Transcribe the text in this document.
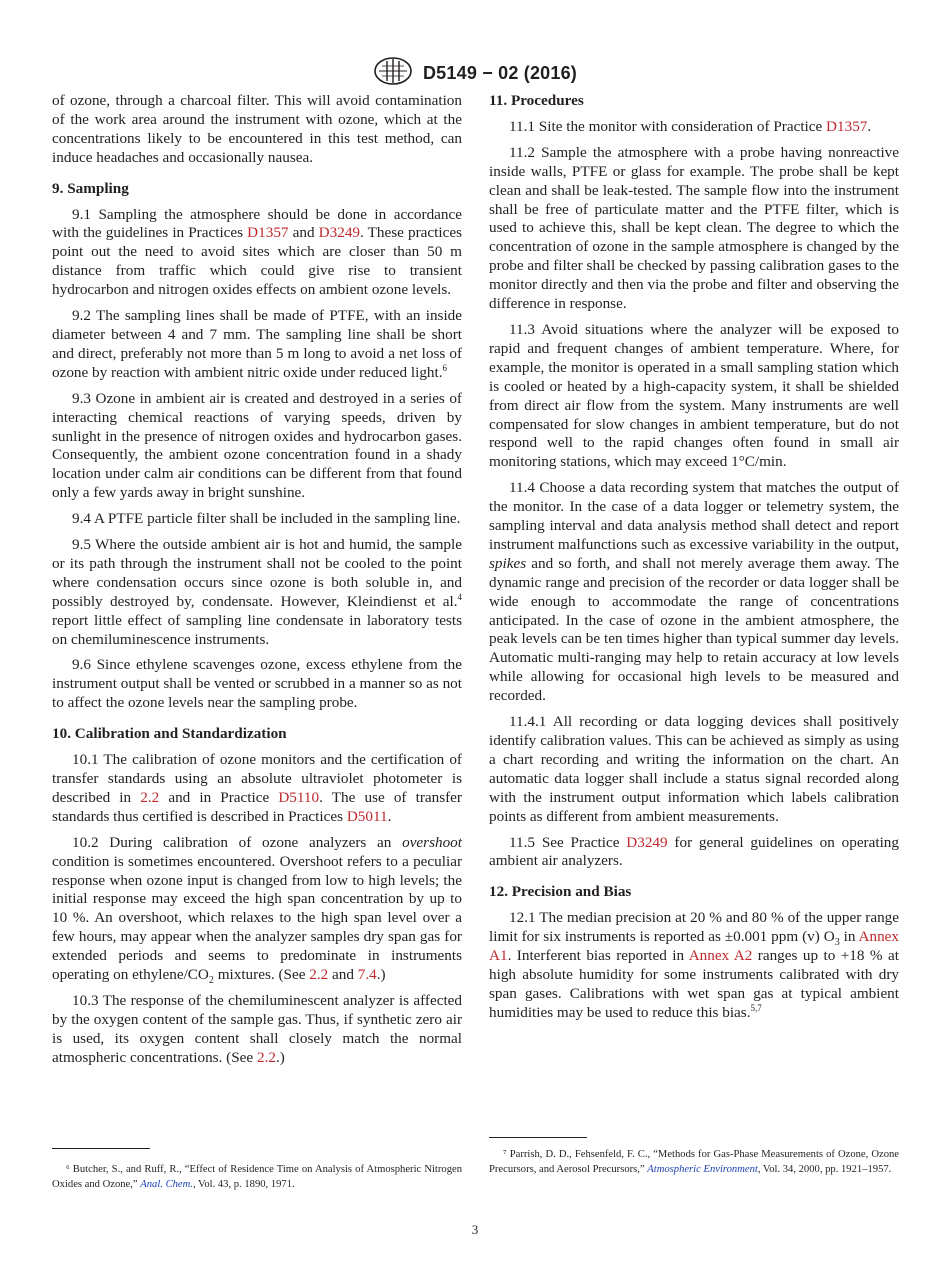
D5149 − 02 (2016)

of ozone, through a charcoal filter. This will avoid contamination of the work area around the instrument with ozone, which at the concentrations likely to be encountered in this test method, can induce headaches and occasionally nausea.

9. Sampling

9.1 Sampling the atmosphere should be done in accordance with the guidelines in Practices D1357 and D3249. These practices point out the need to avoid sites which are closer than 50 m distance from traffic which could give rise to transient hydrocarbon and nitrogen oxides effects on ambient ozone levels.

9.2 The sampling lines shall be made of PTFE, with an inside diameter between 4 and 7 mm. The sampling line shall be short and direct, preferably not more than 5 m long to avoid a net loss of ozone by reaction with ambient nitric oxide under reduced light.$^6$

9.3 Ozone in ambient air is created and destroyed in a series of interacting chemical reactions of varying speeds, driven by sunlight in the presence of nitrogen oxides and hydrocarbon gases. Consequently, the ambient ozone concentration found in a shady location under calm air conditions can be different from that found only a few yards away in bright sunshine.

9.4 A PTFE particle filter shall be included in the sampling line.

9.5 Where the outside ambient air is hot and humid, the sample or its path through the instrument shall not be cooled to the point where condensation occurs since ozone is both soluble in, and possibly destroyed by, condensate. However, Kleindienst et al.$^4$ report little effect of sampling line condensate in laboratory tests on chemiluminescence instruments.

9.6 Since ethylene scavenges ozone, excess ethylene from the instrument output shall be vented or scrubbed in a manner so as not to affect the ozone levels near the sampling probe.

10. Calibration and Standardization

10.1 The calibration of ozone monitors and the certification of transfer standards using an absolute ultraviolet photometer is described in 2.2 and in Practice D5110. The use of transfer standards thus certified is described in Practices D5011.

10.2 During calibration of ozone analyzers an overshoot condition is sometimes encountered. Overshoot refers to a peculiar response when ozone input is changed from low to high levels; the initial response may exceed the high span concentration by up to 10 %. An overshoot, which relaxes to the high span level over a few hours, may appear when the analyzer samples dry span gas for extended periods and seems to predominate in instruments operating on ethylene/$CO_2$ mixtures. (See 2.2 and 7.4.)

10.3 The response of the chemiluminescent analyzer is affected by the oxygen content of the sample gas. Thus, if synthetic zero air is used, its oxygen content shall closely match the normal atmospheric concentrations. (See 2.2.)

11. Procedures

11.1 Site the monitor with consideration of Practice D1357.

11.2 Sample the atmosphere with a probe having nonreactive inside walls, PTFE or glass for example. The probe shall be kept clean and shall be leak-tested. The sample flow into the instrument shall be free of particulate matter and the PTFE filter, which is used to achieve this, shall be kept clean. The degree to which the concentration of ozone in the sample atmosphere is changed by the probe and filter shall be checked by passing calibration gases to the monitor directly and then via the probe and filter and observing the difference in response.

11.3 Avoid situations where the analyzer will be exposed to rapid and frequent changes of ambient temperature. Where, for example, the monitor is operated in a small sampling station which is cooled or heated by a high-capacity system, it shall be shielded from direct air flow from the system. Many instruments are well compensated for slow changes in ambient temperature, but do not respond well to the rapid changes often found in small air monitoring stations, which may exceed 1°C/min.

11.4 Choose a data recording system that matches the output of the monitor. In the case of a data logger or telemetry system, the sampling interval and data analysis method shall detect and report instrument malfunctions such as excessive variability in the output, spikes and so forth, and shall not merely average them away. The dynamic range and precision of the recorder or data logger shall be wide enough to accommodate the range of concentrations anticipated. In the case of ozone in the ambient atmosphere, the peak levels can be ten times higher than typical summer day levels. Automatic multi-ranging may help to retain accuracy at low levels while allowing for occasional high levels to be measured and recorded.

11.4.1 All recording or data logging devices shall positively identify calibration values. This can be achieved as simply as using a chart recording and writing the information on the chart. An automatic data logger shall include a status signal recorded along with the instrument output information which labels calibration points as different from ambient measurements.

11.5 See Practice D3249 for general guidelines on operating ambient air analyzers.

12. Precision and Bias

12.1 The median precision at 20 % and 80 % of the upper range limit for six instruments is reported as ±0.001 ppm (v) $O_3$ in Annex A1. Interferent bias reported in Annex A2 ranges up to +18 % at high absolute humidity for some instruments calibrated with dry span gases. Calibrations with wet span gas at typical ambient humidities may be used to reduce this bias.$^{5,7}$

⁶ Butcher, S., and Ruff, R., “Effect of Residence Time on Analysis of Atmospheric Nitrogen Oxides and Ozone,” Anal. Chem., Vol. 43, p. 1890, 1971.
⁷ Parrish, D. D., Fehsenfeld, F. C., “Methods for Gas-Phase Measurements of Ozone, Ozone Precursors, and Aerosol Precursors,” Atmospheric Environment, Vol. 34, 2000, pp. 1921–1957.
3
